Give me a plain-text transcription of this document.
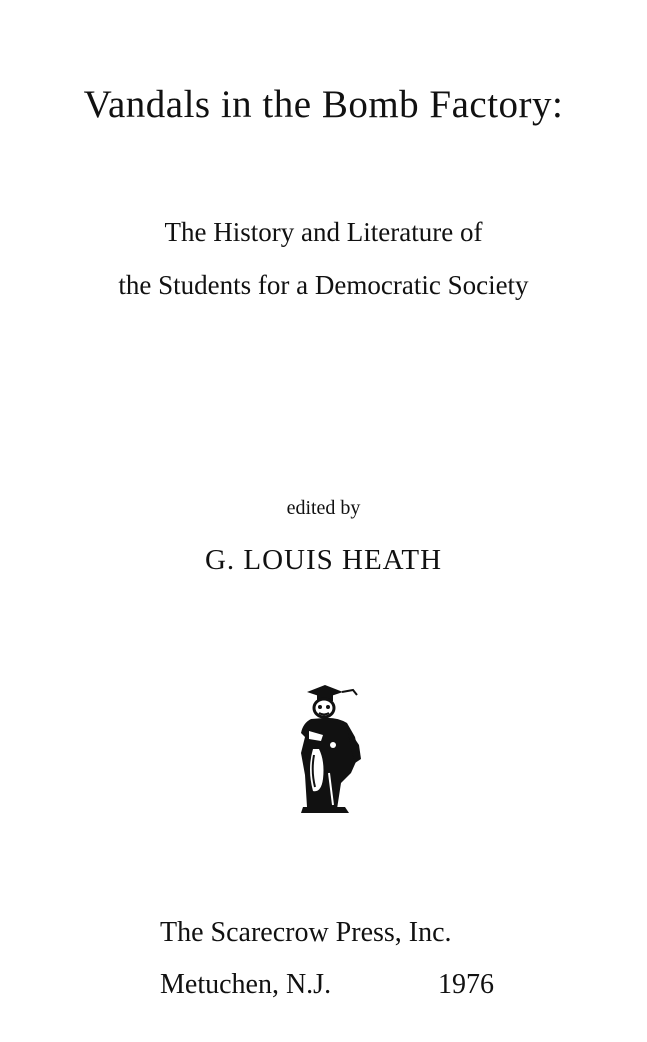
Vandals in the Bomb Factory:
The History and Literature of
the Students for a Democratic Society
edited by
G. LOUIS HEATH
The Scarecrow Press, Inc.
Metuchen, N.J.	1976
